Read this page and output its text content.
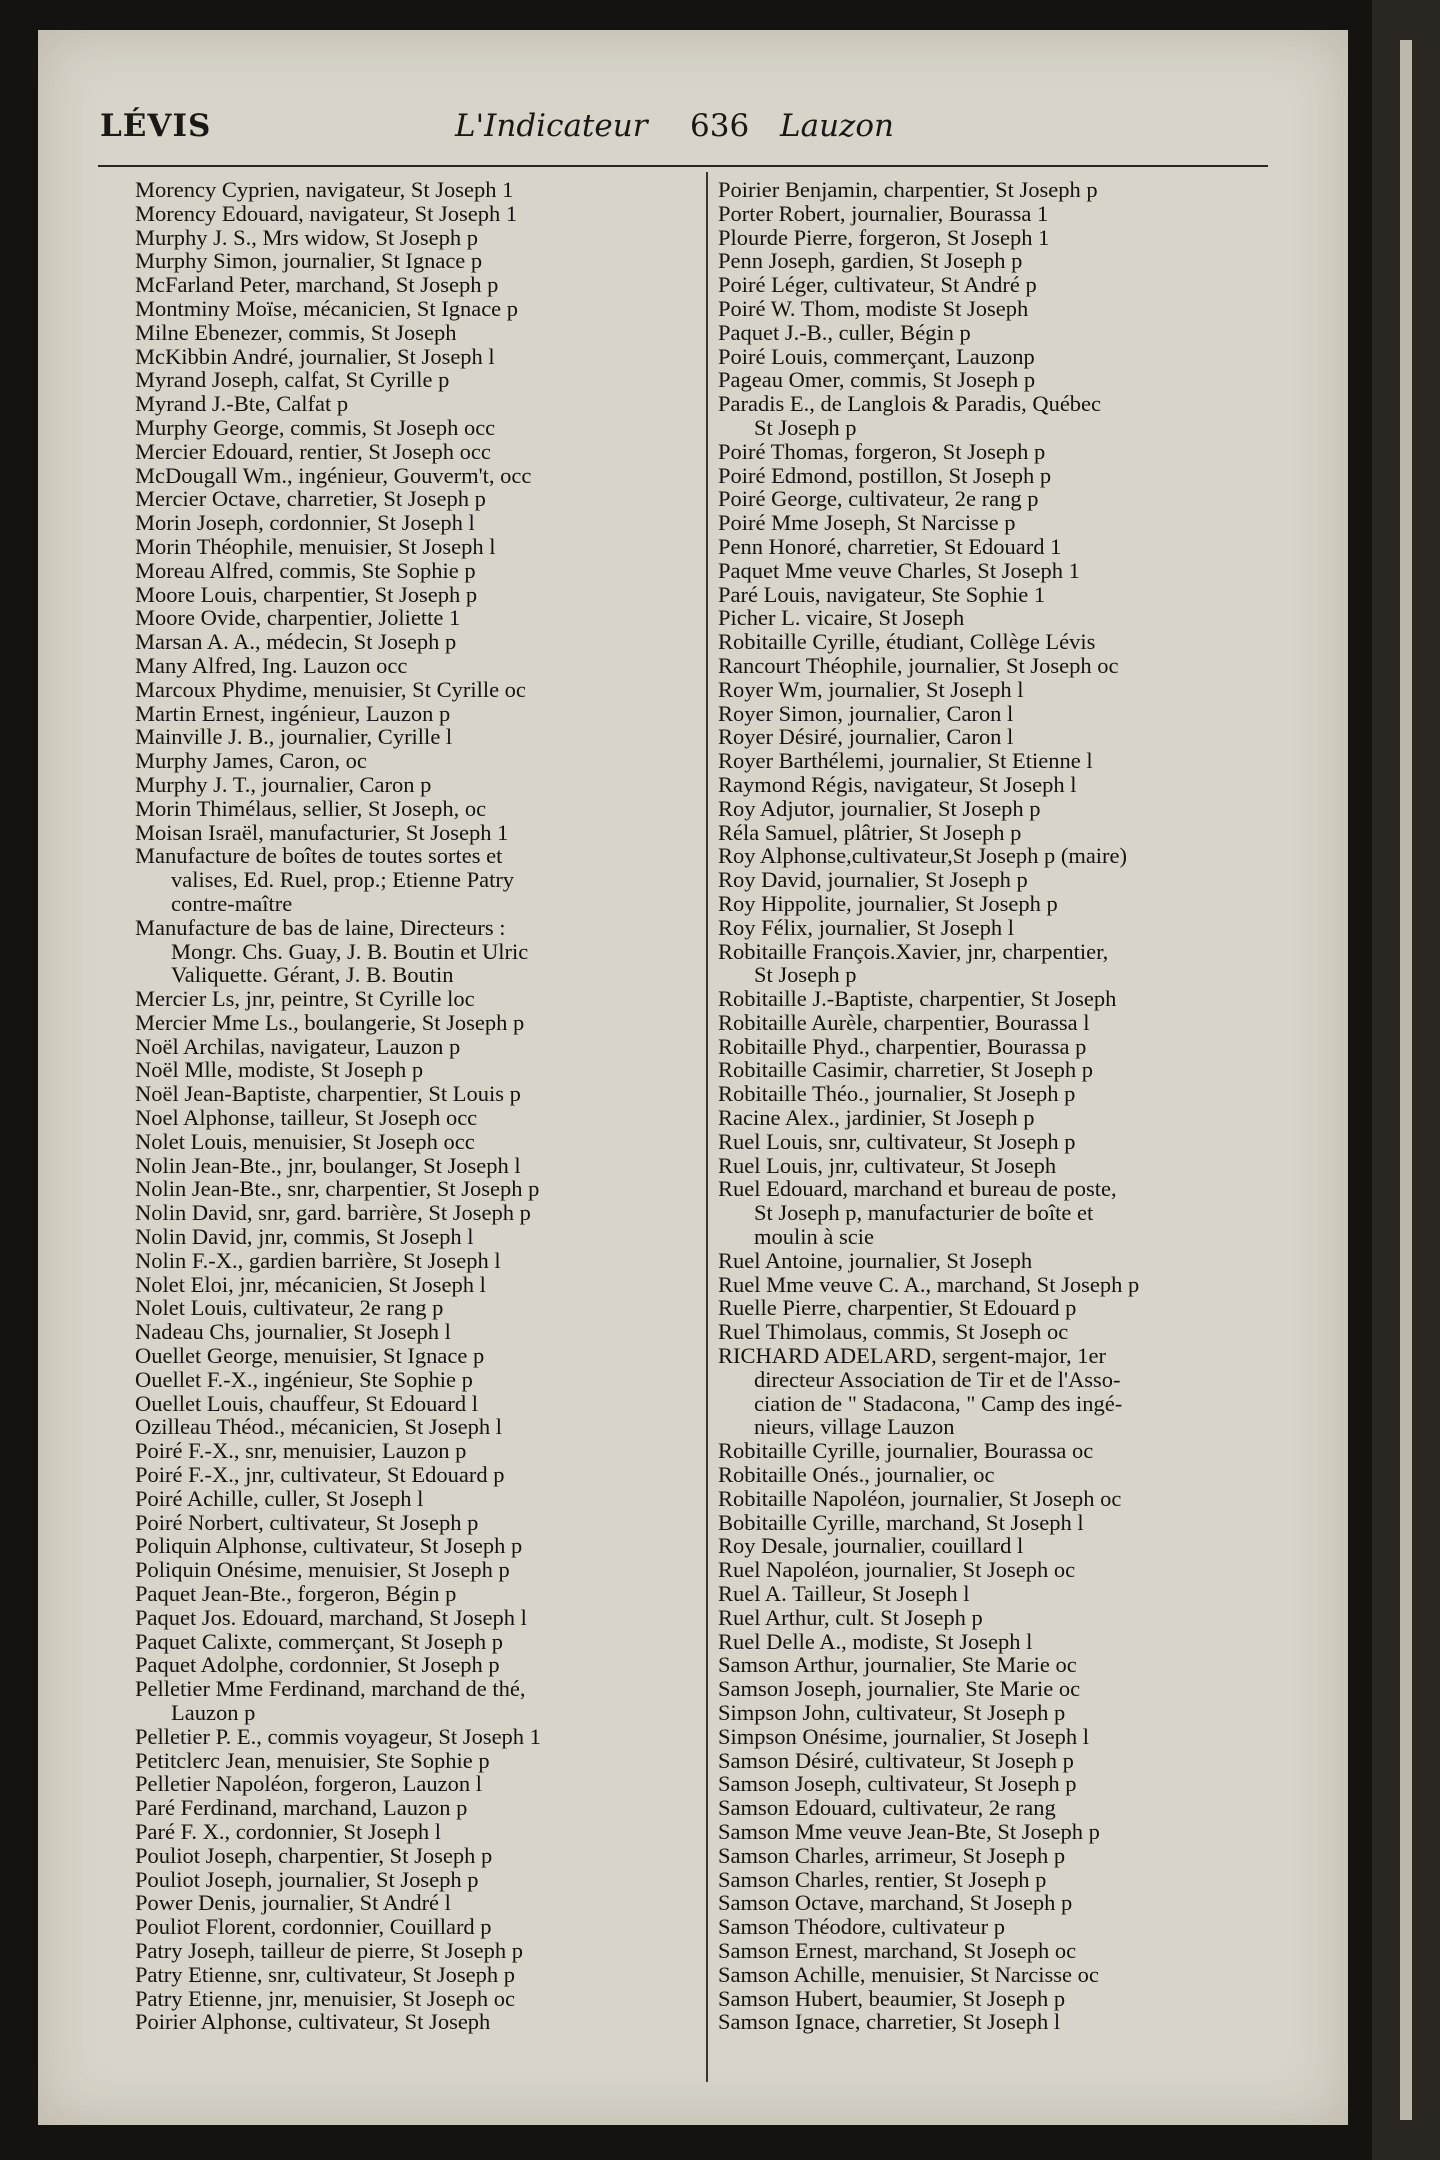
LÉVIS	L'Indicateur 636 Lauzon
Morency Cyprien, navigateur, St Joseph 1
Morency Edouard, navigateur, St Joseph 1
Murphy J. S., Mrs widow, St Joseph p
Murphy Simon, journalier, St Ignace p
McFarland Peter, marchand, St Joseph p
Montminy Moïse, mécanicien, St Ignace p
Milne Ebenezer, commis, St Joseph
McKibbin André, journalier, St Joseph l
Myrand Joseph, calfat, St Cyrille p
Myrand J.-Bte, Calfat p
Murphy George, commis, St Joseph occ
Mercier Edouard, rentier, St Joseph occ
McDougall Wm., ingénieur, Gouverm't, occ
Mercier Octave, charretier, St Joseph p
Morin Joseph, cordonnier, St Joseph l
Morin Théophile, menuisier, St Joseph l
Moreau Alfred, commis, Ste Sophie p
Moore Louis, charpentier, St Joseph p
Moore Ovide, charpentier, Joliette 1
Marsan A. A., médecin, St Joseph p
Many Alfred, Ing. Lauzon occ
Marcoux Phydime, menuisier, St Cyrille oc
Martin Ernest, ingénieur, Lauzon p
Mainville J. B., journalier, Cyrille l
Murphy James, Caron, oc
Murphy J. T., journalier, Caron p
Morin Thimélaus, sellier, St Joseph, oc
Moisan Israël, manufacturier, St Joseph 1
Manufacture de boîtes de toutes sortes et
valises, Ed. Ruel, prop.; Etienne Patry
contre-maître
Manufacture de bas de laine, Directeurs :
Mongr. Chs. Guay, J. B. Boutin et Ulric
Valiquette. Gérant, J. B. Boutin
Mercier Ls, jnr, peintre, St Cyrille loc
Mercier Mme Ls., boulangerie, St Joseph p
Noël Archilas, navigateur, Lauzon p
Noël Mlle, modiste, St Joseph p
Noël Jean-Baptiste, charpentier, St Louis p
Noel Alphonse, tailleur, St Joseph occ
Nolet Louis, menuisier, St Joseph occ
Nolin Jean-Bte., jnr, boulanger, St Joseph l
Nolin Jean-Bte., snr, charpentier, St Joseph p
Nolin David, snr, gard. barrière, St Joseph p
Nolin David, jnr, commis, St Joseph l
Nolin F.-X., gardien barrière, St Joseph l
Nolet Eloi, jnr, mécanicien, St Joseph l
Nolet Louis, cultivateur, 2e rang p
Nadeau Chs, journalier, St Joseph l
Ouellet George, menuisier, St Ignace p
Ouellet F.-X., ingénieur, Ste Sophie p
Ouellet Louis, chauffeur, St Edouard l
Ozilleau Théod., mécanicien, St Joseph l
Poiré F.-X., snr, menuisier, Lauzon p
Poiré F.-X., jnr, cultivateur, St Edouard p
Poiré Achille, culler, St Joseph l
Poiré Norbert, cultivateur, St Joseph p
Poliquin Alphonse, cultivateur, St Joseph p
Poliquin Onésime, menuisier, St Joseph p
Paquet Jean-Bte., forgeron, Bégin p
Paquet Jos. Edouard, marchand, St Joseph l
Paquet Calixte, commerçant, St Joseph p
Paquet Adolphe, cordonnier, St Joseph p
Pelletier Mme Ferdinand, marchand de thé,
Lauzon p
Pelletier P. E., commis voyageur, St Joseph 1
Petitclerc Jean, menuisier, Ste Sophie p
Pelletier Napoléon, forgeron, Lauzon l
Paré Ferdinand, marchand, Lauzon p
Paré F. X., cordonnier, St Joseph l
Pouliot Joseph, charpentier, St Joseph p
Pouliot Joseph, journalier, St Joseph p
Power Denis, journalier, St André l
Pouliot Florent, cordonnier, Couillard p
Patry Joseph, tailleur de pierre, St Joseph p
Patry Etienne, snr, cultivateur, St Joseph p
Patry Etienne, jnr, menuisier, St Joseph oc
Poirier Alphonse, cultivateur, St Joseph
Poirier Benjamin, charpentier, St Joseph p
Porter Robert, journalier, Bourassa 1
Plourde Pierre, forgeron, St Joseph 1
Penn Joseph, gardien, St Joseph p
Poiré Léger, cultivateur, St André p
Poiré W. Thom, modiste St Joseph
Paquet J.-B., culler, Bégin p
Poiré Louis, commerçant, Lauzonp
Pageau Omer, commis, St Joseph p
Paradis E., de Langlois & Paradis, Québec
St Joseph p
Poiré Thomas, forgeron, St Joseph p
Poiré Edmond, postillon, St Joseph p
Poiré George, cultivateur, 2e rang p
Poiré Mme Joseph, St Narcisse p
Penn Honoré, charretier, St Edouard 1
Paquet Mme veuve Charles, St Joseph 1
Paré Louis, navigateur, Ste Sophie 1
Picher L. vicaire, St Joseph
Robitaille Cyrille, étudiant, Collège Lévis
Rancourt Théophile, journalier, St Joseph oc
Royer Wm, journalier, St Joseph l
Royer Simon, journalier, Caron l
Royer Désiré, journalier, Caron l
Royer Barthélemi, journalier, St Etienne l
Raymond Régis, navigateur, St Joseph l
Roy Adjutor, journalier, St Joseph p
Réla Samuel, plâtrier, St Joseph p
Roy Alphonse,cultivateur,St Joseph p (maire)
Roy David, journalier, St Joseph p
Roy Hippolite, journalier, St Joseph p
Roy Félix, journalier, St Joseph l
Robitaille François.Xavier, jnr, charpentier,
St Joseph p
Robitaille J.-Baptiste, charpentier, St Joseph
Robitaille Aurèle, charpentier, Bourassa l
Robitaille Phyd., charpentier, Bourassa p
Robitaille Casimir, charretier, St Joseph p
Robitaille Théo., journalier, St Joseph p
Racine Alex., jardinier, St Joseph p
Ruel Louis, snr, cultivateur, St Joseph p
Ruel Louis, jnr, cultivateur, St Joseph
Ruel Edouard, marchand et bureau de poste,
St Joseph p, manufacturier de boîte et
moulin à scie
Ruel Antoine, journalier, St Joseph
Ruel Mme veuve C. A., marchand, St Joseph p
Ruelle Pierre, charpentier, St Edouard p
Ruel Thimolaus, commis, St Joseph oc
RICHARD ADELARD, sergent-major, 1er
directeur Association de Tir et de l'Asso-
ciation de " Stadacona, " Camp des ingé-
nieurs, village Lauzon
Robitaille Cyrille, journalier, Bourassa oc
Robitaille Onés., journalier, oc
Robitaille Napoléon, journalier, St Joseph oc
Bobitaille Cyrille, marchand, St Joseph l
Roy Desale, journalier, couillard l
Ruel Napoléon, journalier, St Joseph oc
Ruel A. Tailleur, St Joseph l
Ruel Arthur, cult. St Joseph p
Ruel Delle A., modiste, St Joseph l
Samson Arthur, journalier, Ste Marie oc
Samson Joseph, journalier, Ste Marie oc
Simpson John, cultivateur, St Joseph p
Simpson Onésime, journalier, St Joseph l
Samson Désiré, cultivateur, St Joseph p
Samson Joseph, cultivateur, St Joseph p
Samson Edouard, cultivateur, 2e rang
Samson Mme veuve Jean-Bte, St Joseph p
Samson Charles, arrimeur, St Joseph p
Samson Charles, rentier, St Joseph p
Samson Octave, marchand, St Joseph p
Samson Théodore, cultivateur p
Samson Ernest, marchand, St Joseph oc
Samson Achille, menuisier, St Narcisse oc
Samson Hubert, beaumier, St Joseph p
Samson Ignace, charretier, St Joseph l
